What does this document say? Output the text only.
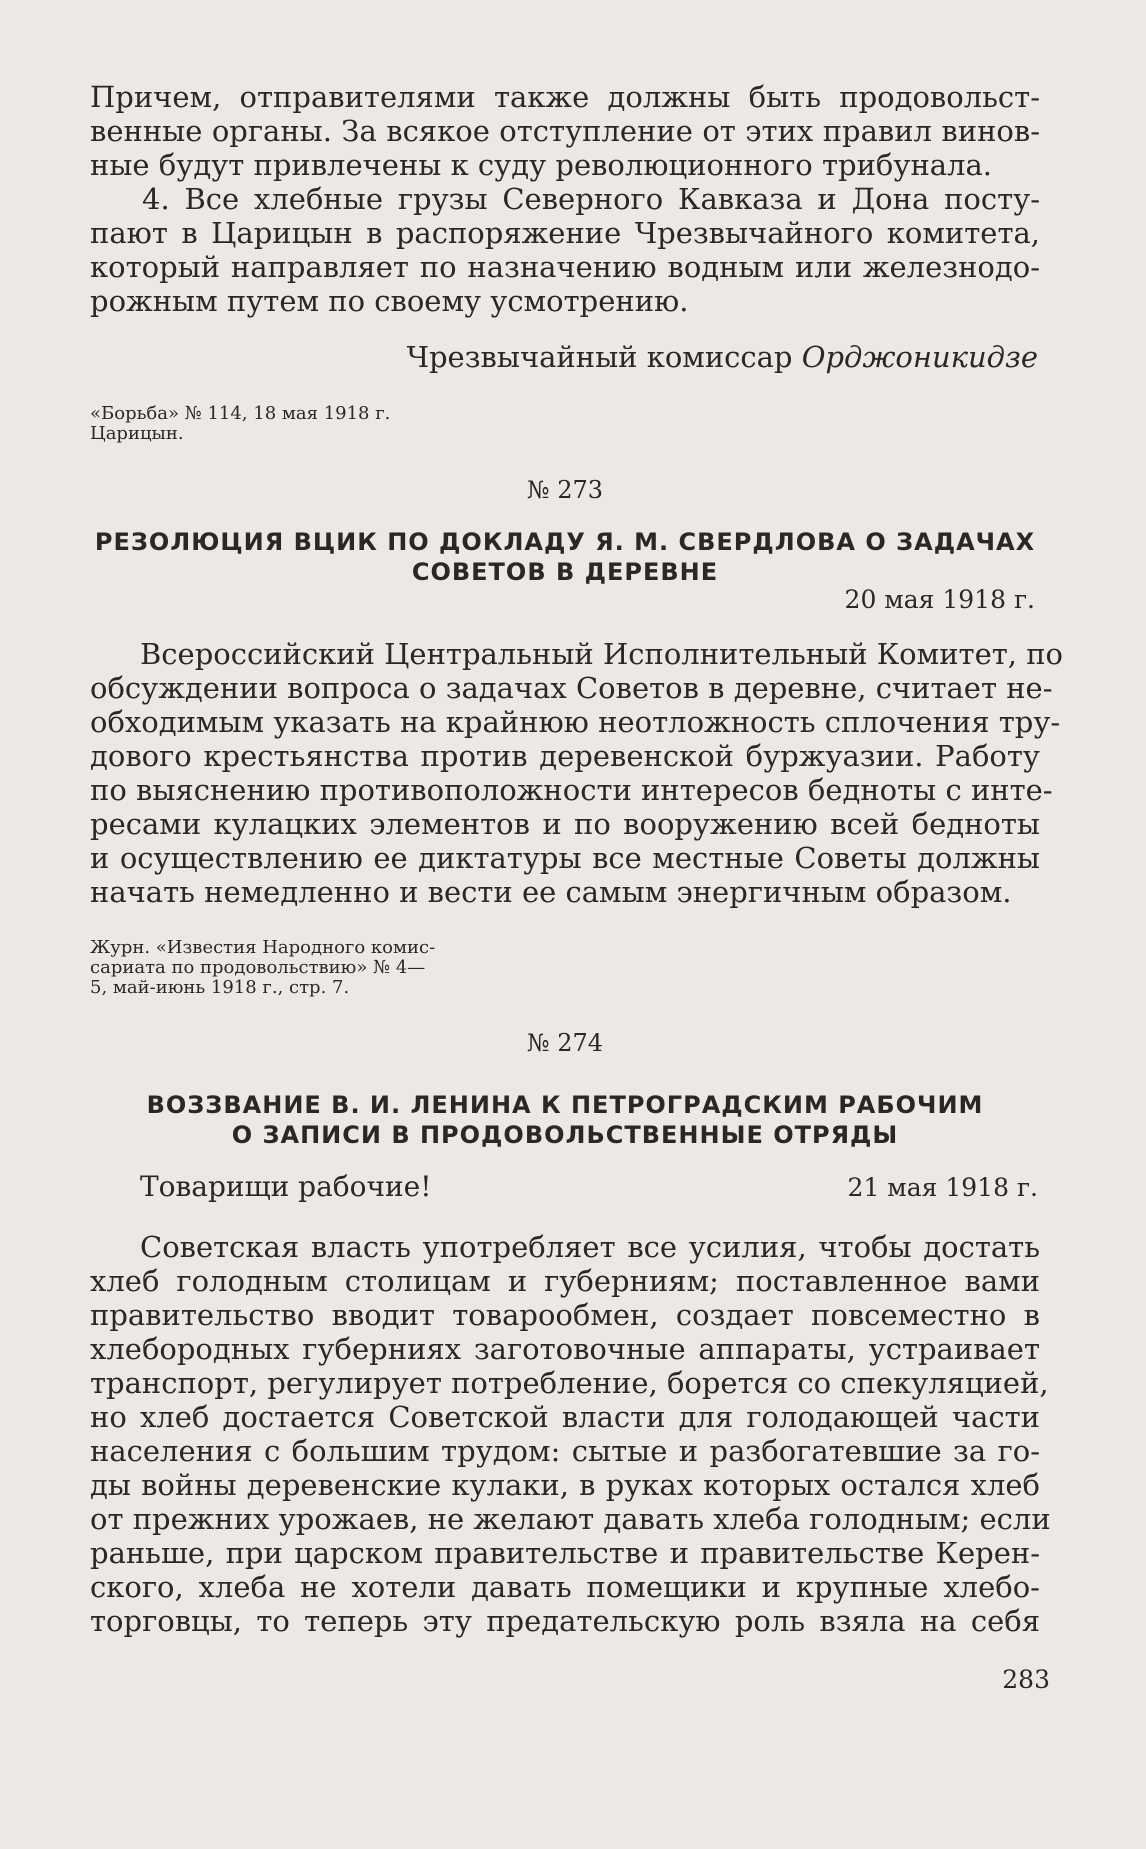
Причем, отправителями также должны быть продовольст-
венные органы. За всякое отступление от этих правил винов-
ные будут привлечены к суду революционного трибунала.

4. Все хлебные грузы Северного Кавказа и Дона посту-
пают в Царицын в распоряжение Чрезвычайного комитета,
который направляет по назначению водным или железнодо-
рожным путем по своему усмотрению.

Чрезвычайный комиссар Орджоникидзе

«Борьба» № 114, 18 мая 1918 г.
Царицын.

№ 273

РЕЗОЛЮЦИЯ ВЦИК ПО ДОКЛАДУ Я. М. СВЕРДЛОВА О ЗАДАЧАХ
СОВЕТОВ В ДЕРЕВНЕ

20 мая 1918 г.

Всероссийский Центральный Исполнительный Комитет, по
обсуждении вопроса о задачах Советов в деревне, считает не-
обходимым указать на крайнюю неотложность сплочения тру-
дового крестьянства против деревенской буржуазии. Работу
по выяснению противоположности интересов бедноты с инте-
ресами кулацких элементов и по вооружению всей бедноты
и осуществлению ее диктатуры все местные Советы должны
начать немедленно и вести ее самым энергичным образом.

Журн. «Известия Народного комис-
сариата по продовольствию» № 4—
5, май-июнь 1918 г., стр. 7.

№ 274

ВОЗЗВАНИЕ В. И. ЛЕНИНА К ПЕТРОГРАДСКИМ РАБОЧИМ
О ЗАПИСИ В ПРОДОВОЛЬСТВЕННЫЕ ОТРЯДЫ

Товарищи рабочие!	21 мая 1918 г.

Советская власть употребляет все усилия, чтобы достать
хлеб голодным столицам и губерниям; поставленное вами
правительство вводит товарообмен, создает повсеместно в
хлебородных губерниях заготовочные аппараты, устраивает
транспорт, регулирует потребление, борется со спекуляцией,
но хлеб достается Советской власти для голодающей части
населения с большим трудом: сытые и разбогатевшие за го-
ды войны деревенские кулаки, в руках которых остался хлеб
от прежних урожаев, не желают давать хлеба голодным; если
раньше, при царском правительстве и правительстве Керен-
ского, хлеба не хотели давать помещики и крупные хлебо-
торговцы, то теперь эту предательскую роль взяла на себя

283
